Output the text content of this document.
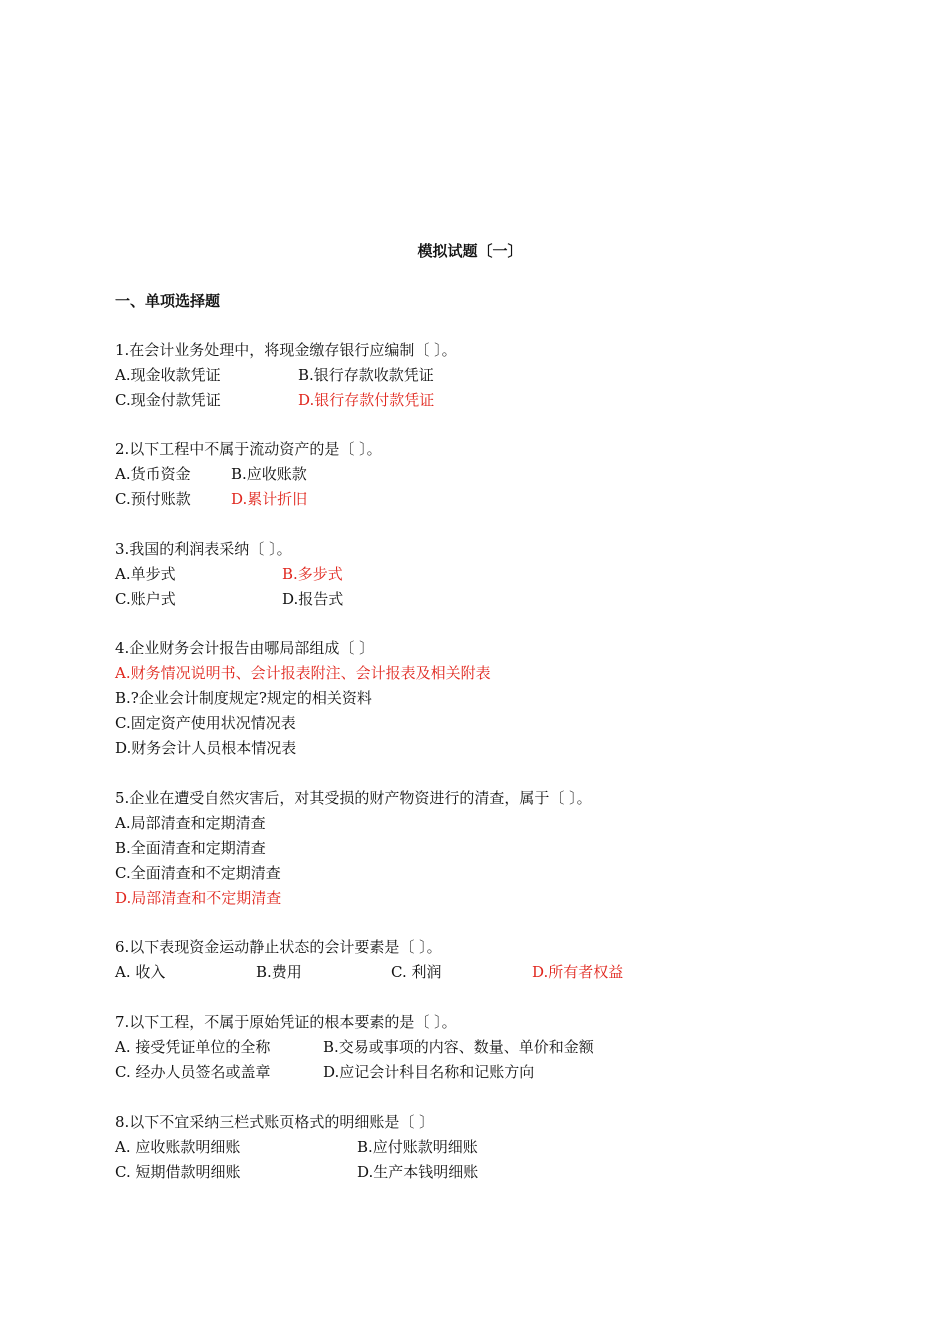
模拟试题〔一〕
一、单项选择题
1.在会计业务处理中，将现金缴存银行应编制〔 〕。
A.现金收款凭证	B.银行存款收款凭证
C.现金付款凭证	D.银行存款付款凭证
2.以下工程中不属于流动资产的是〔 〕。
A.货币资金	B.应收账款
C.预付账款	D.累计折旧
3.我国的利润表采纳〔 〕。
A.单步式	B.多步式
C.账户式	D.报告式
4.企业财务会计报告由哪局部组成〔 〕
A.财务情况说明书、会计报表附注、会计报表及相关附表
B.?企业会计制度规定?规定的相关资料
C.固定资产使用状况情况表
D.财务会计人员根本情况表
5.企业在遭受自然灾害后，对其受损的财产物资进行的清查，属于〔 〕。
A.局部清查和定期清查
B.全面清查和定期清查
C.全面清查和不定期清查
D.局部清查和不定期清查
6.以下表现资金运动静止状态的会计要素是〔 〕。
A. 收入	B.费用	C. 利润	D.所有者权益
7.以下工程，不属于原始凭证的根本要素的是〔 〕。
A. 接受凭证单位的全称	B.交易或事项的内容、数量、单价和金额
C. 经办人员签名或盖章	D.应记会计科目名称和记账方向
8.以下不宜采纳三栏式账页格式的明细账是〔 〕
A. 应收账款明细账	B.应付账款明细账
C. 短期借款明细账	D.生产本钱明细账
